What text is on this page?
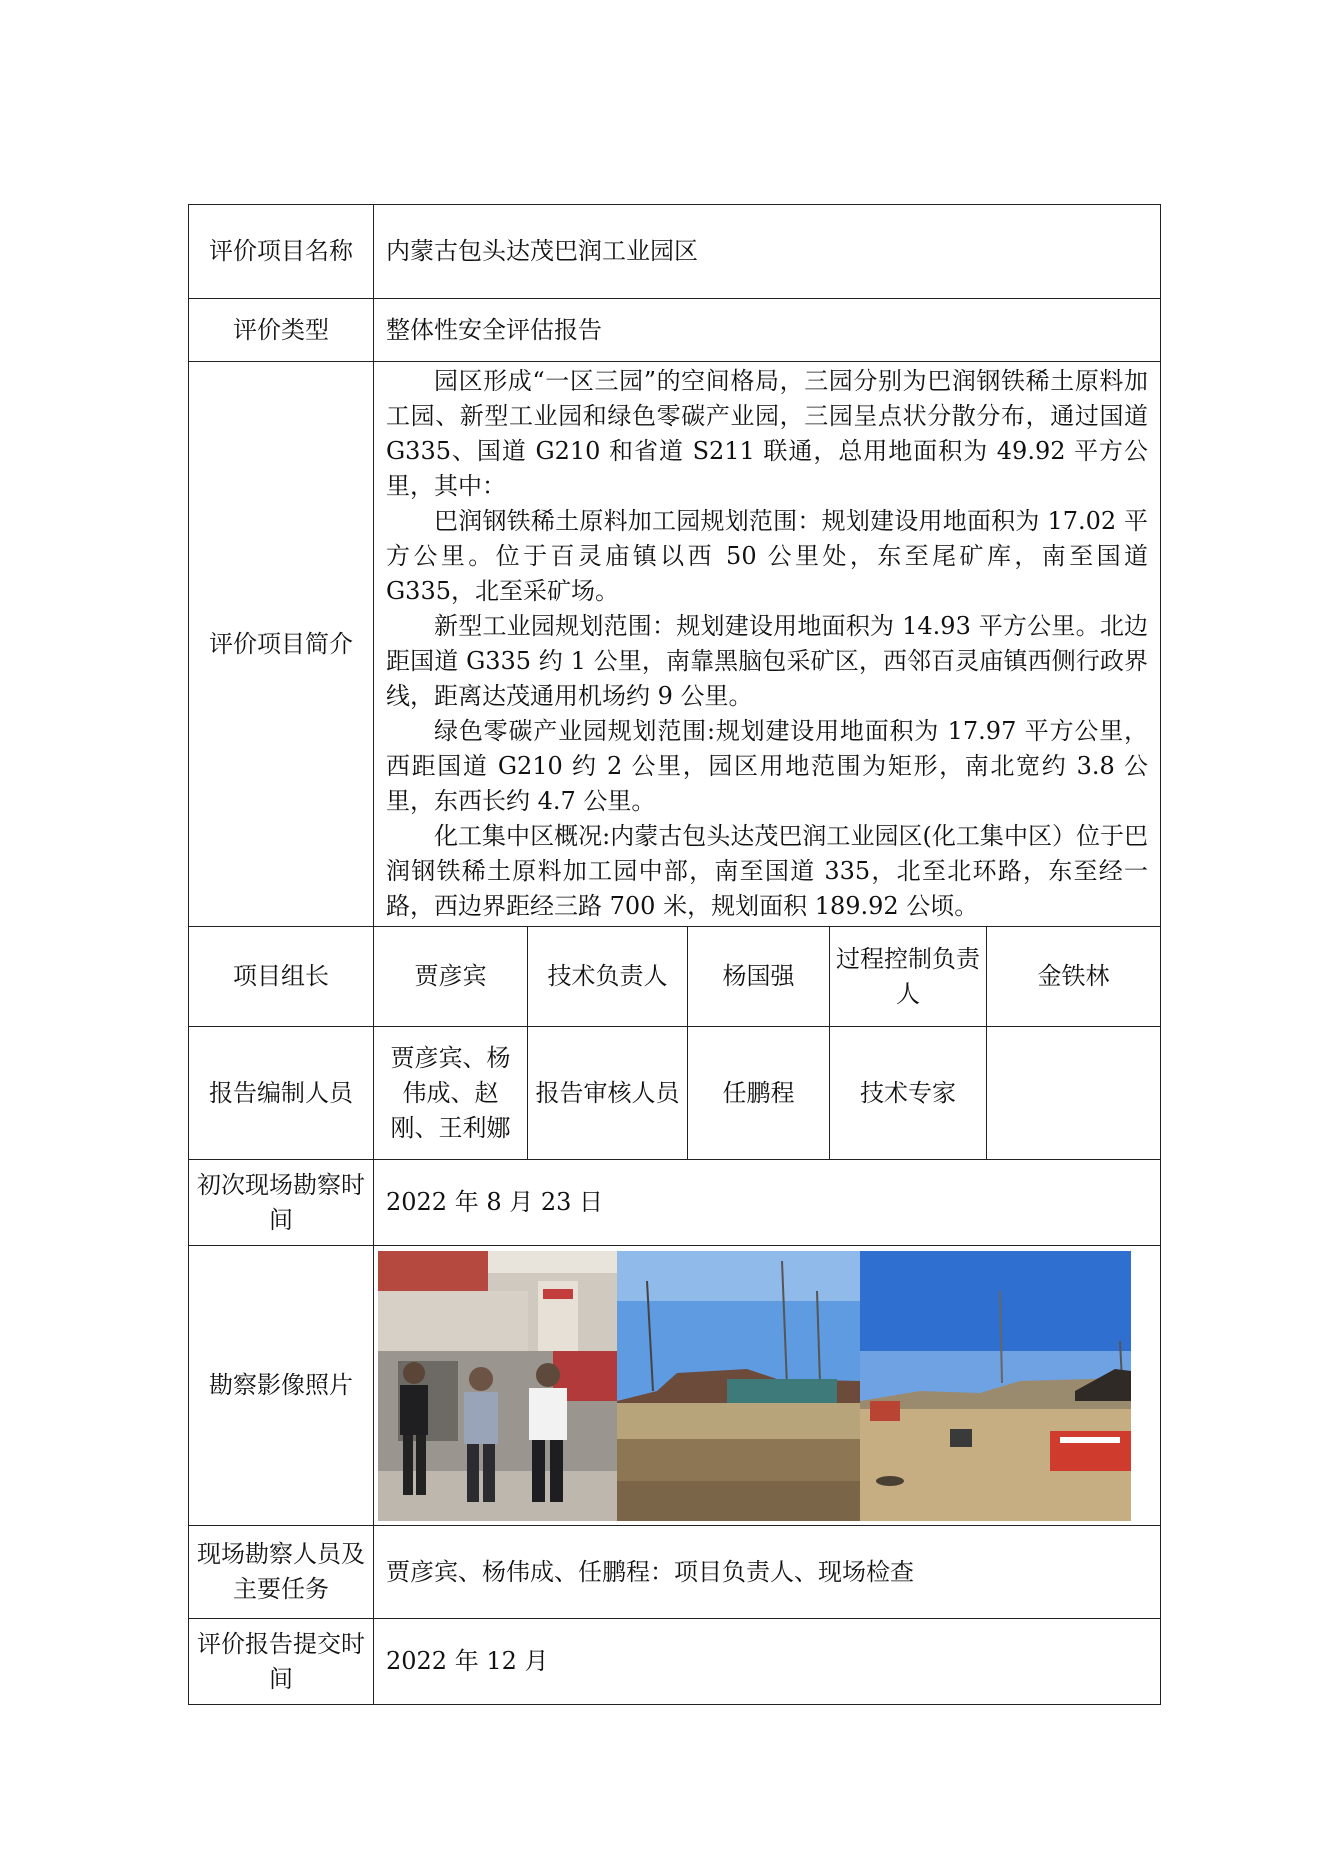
评价项目名称	内蒙古包头达茂巴润工业园区				
评价类型	整体性安全评估报告				
评价项目简介	园区形成“一区三园”的空间格局，三园分别为巴润钢铁稀土原料加工园、新型工业园和绿色零碳产业园，三园呈点状分散分布，通过国道 G335、国道 G210 和省道 S211 联通，总用地面积为 49.92 平方公里，其中：

巴润钢铁稀土原料加工园规划范围：规划建设用地面积为 17.02 平方公里。位于百灵庙镇以西 50 公里处，东至尾矿库，南至国道 G335，北至采矿场。

新型工业园规划范围：规划建设用地面积为 14.93 平方公里。北边距国道 G335 约 1 公里，南靠黑脑包采矿区，西邻百灵庙镇西侧行政界线，距离达茂通用机场约 9 公里。

绿色零碳产业园规划范围:规划建设用地面积为 17.97 平方公里，西距国道 G210 约 2 公里，园区用地范围为矩形，南北宽约 3.8 公里，东西长约 4.7 公里。

化工集中区概况:内蒙古包头达茂巴润工业园区(化工集中区）位于巴润钢铁稀土原料加工园中部，南至国道 335，北至北环路，东至经一路，西边界距经三路 700 米，规划面积 189.92 公顷。				

项目组长	贾彦宾	技术负责人	杨国强	过程控制负责人	金铁林
报告编制人员	贾彦宾、杨伟成、赵刚、王利娜	报告审核人员	任鹏程	技术专家	
初次现场勘察时间	2022 年 8 月 23 日				
勘察影像照片	

现场勘察人员及主要任务	贾彦宾、杨伟成、任鹏程：项目负责人、现场检查				
评价报告提交时间	2022 年 12 月				
